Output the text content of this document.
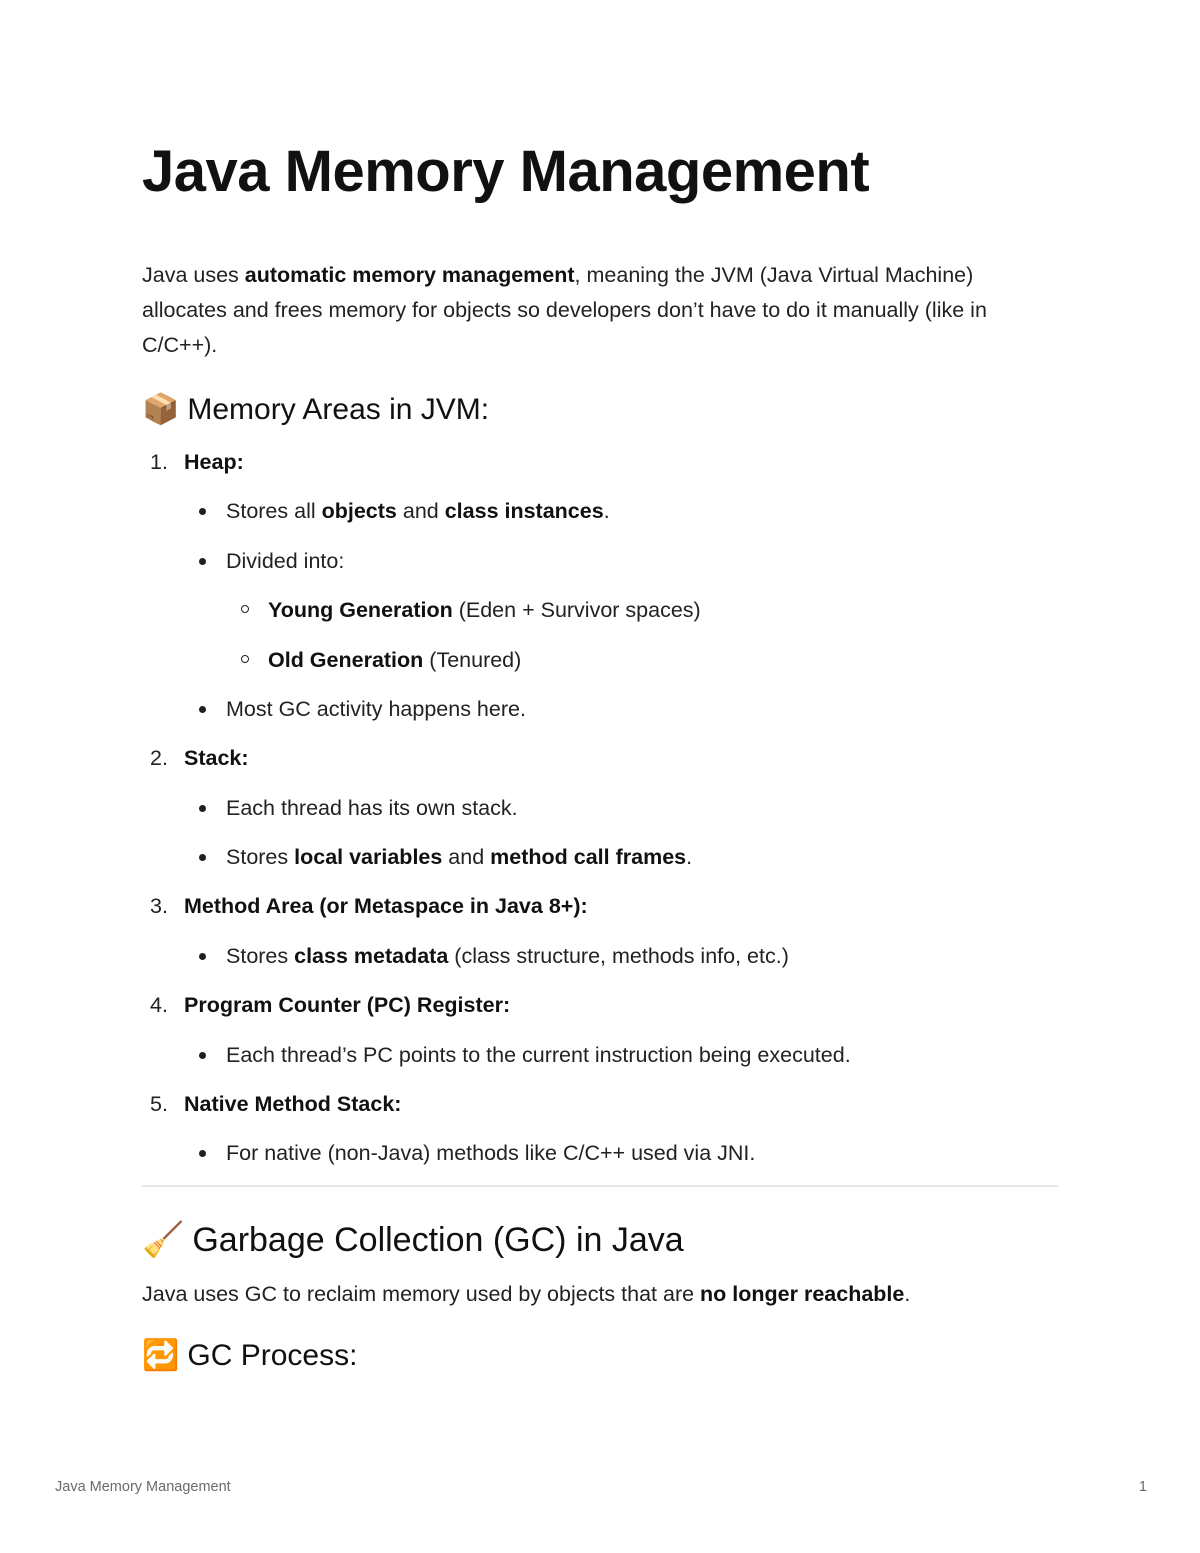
Java Memory Management

Java uses automatic memory management, meaning the JVM (Java Virtual Machine) allocates and frees memory for objects so developers don’t have to do it manually (like in C/C++).

📦 Memory Areas in JVM:
1. Heap:
Stores all objects and class instances.
Divided into:
Young Generation (Eden + Survivor spaces)
Old Generation (Tenured)
Most GC activity happens here.
2. Stack:
Each thread has its own stack.
Stores local variables and method call frames.
3. Method Area (or Metaspace in Java 8+):
Stores class metadata (class structure, methods info, etc.)
4. Program Counter (PC) Register:
Each thread’s PC points to the current instruction being executed.
5. Native Method Stack:
For native (non-Java) methods like C/C++ used via JNI.
🧹 Garbage Collection (GC) in Java
Java uses GC to reclaim memory used by objects that are no longer reachable.
🔁 GC Process:
Java Memory Management	1
